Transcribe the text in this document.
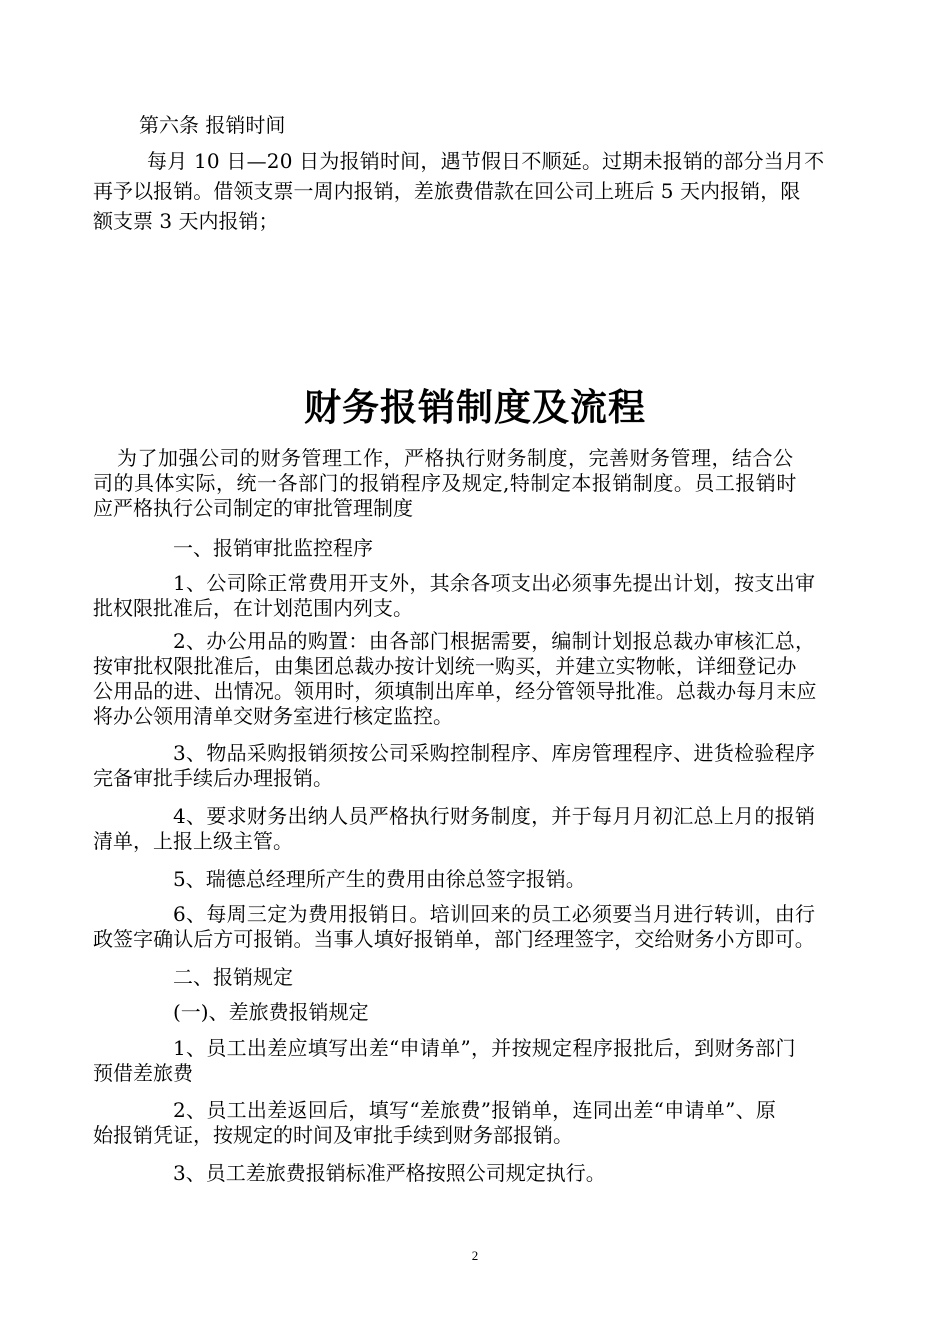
第六条 报销时间
每月 10 日—20 日为报销时间，遇节假日不顺延。过期未报销的部分当月不
再予以报销。借领支票一周内报销，差旅费借款在回公司上班后 5 天内报销，限
额支票 3 天内报销；
财务报销制度及流程
为了加强公司的财务管理工作，严格执行财务制度，完善财务管理，结合公
司的具体实际，统一各部门的报销程序及规定,特制定本报销制度。员工报销时
应严格执行公司制定的审批管理制度
一、报销审批监控程序
1、公司除正常费用开支外，其余各项支出必须事先提出计划，按支出审
批权限批准后，在计划范围内列支。
2、办公用品的购置：由各部门根据需要，编制计划报总裁办审核汇总，
按审批权限批准后，由集团总裁办按计划统一购买，并建立实物帐，详细登记办
公用品的进、出情况。领用时，须填制出库单，经分管领导批准。总裁办每月末应
将办公领用清单交财务室进行核定监控。
3、物品采购报销须按公司采购控制程序、库房管理程序、进货检验程序
完备审批手续后办理报销。
4、要求财务出纳人员严格执行财务制度，并于每月月初汇总上月的报销
清单，上报上级主管。
5、瑞德总经理所产生的费用由徐总签字报销。
6、每周三定为费用报销日。培训回来的员工必须要当月进行转训，由行
政签字确认后方可报销。当事人填好报销单，部门经理签字，交给财务小方即可。
二、报销规定
(一)、差旅费报销规定
1、员工出差应填写出差“申请单”，并按规定程序报批后，到财务部门
预借差旅费
2、员工出差返回后，填写“差旅费”报销单，连同出差“申请单”、原
始报销凭证，按规定的时间及审批手续到财务部报销。
3、员工差旅费报销标准严格按照公司规定执行。
2
